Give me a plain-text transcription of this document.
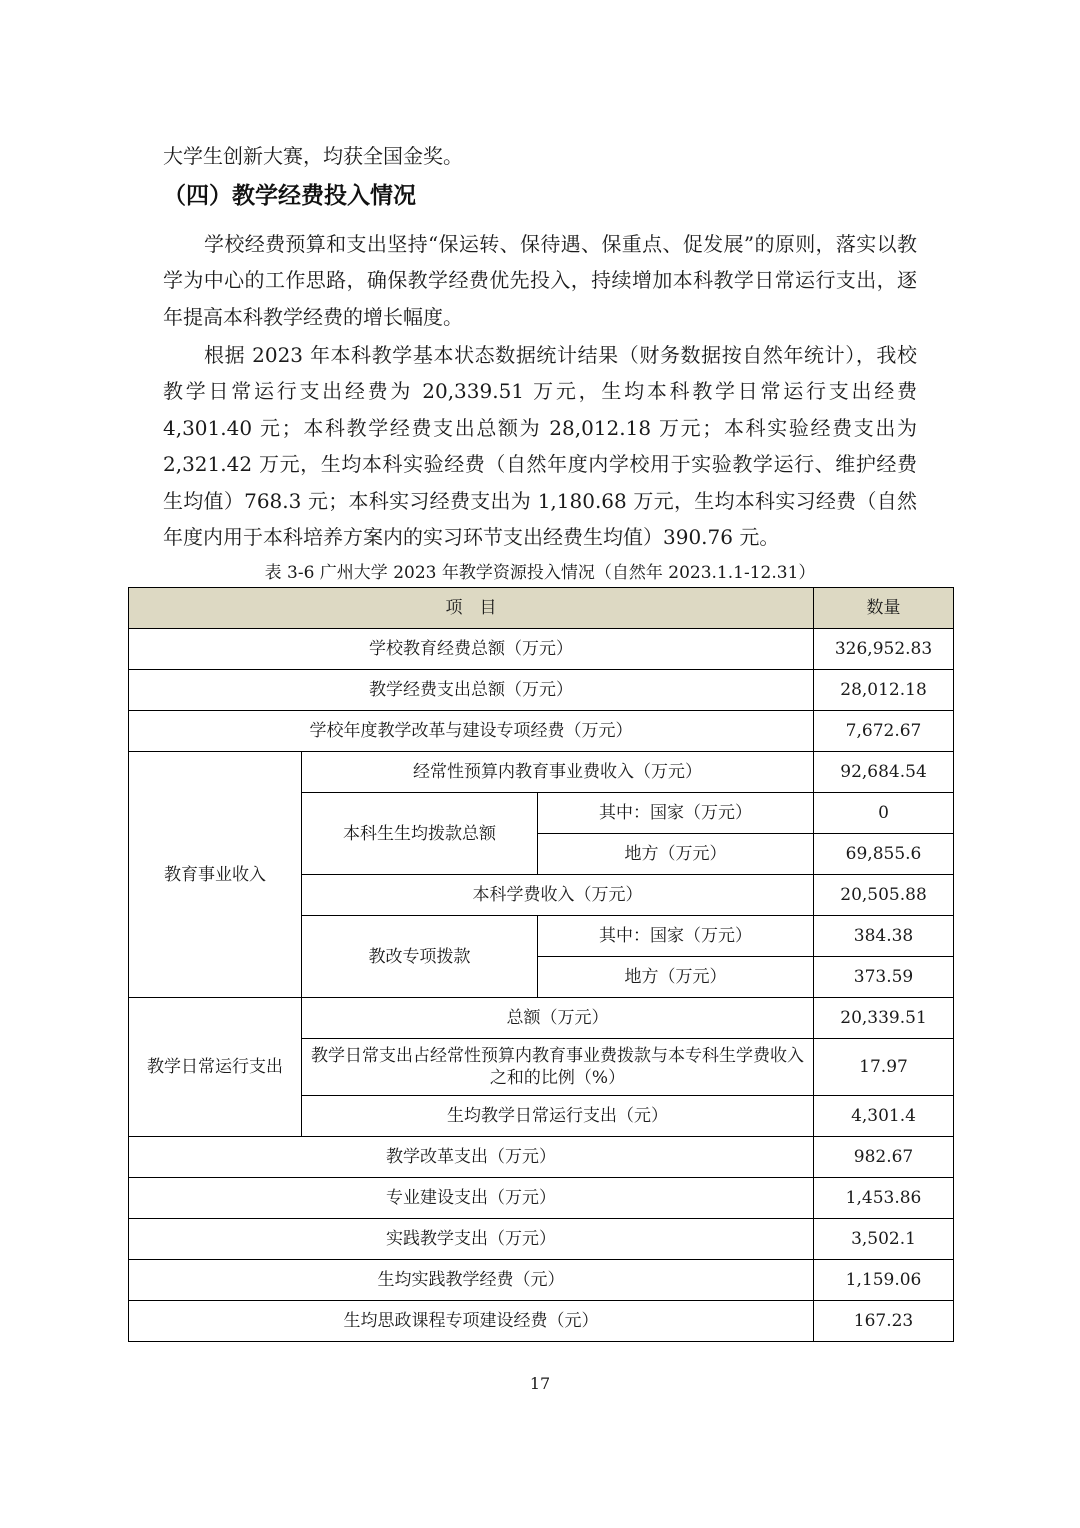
大学生创新大赛，均获全国金奖。

（四）教学经费投入情况

学校经费预算和支出坚持“保运转、保待遇、保重点、促发展”的原则，落实以教学为中心的工作思路，确保教学经费优先投入，持续增加本科教学日常运行支出，逐年提高本科教学经费的增长幅度。

根据 2023 年本科教学基本状态数据统计结果（财务数据按自然年统计），我校教学日常运行支出经费为 20,339.51 万元，生均本科教学日常运行支出经费 4,301.40 元；本科教学经费支出总额为 28,012.18 万元；本科实验经费支出为 2,321.42 万元，生均本科实验经费（自然年度内学校用于实验教学运行、维护经费生均值）768.3 元；本科实习经费支出为 1,180.68 万元，生均本科实习经费（自然年度内用于本科培养方案内的实习环节支出经费生均值）390.76 元。

表 3-6 广州大学 2023 年教学资源投入情况（自然年 2023.1.1-12.31）

项　目			数量
学校教育经费总额（万元）			326,952.83
教学经费支出总额（万元）			28,012.18
学校年度教学改革与建设专项经费（万元）			7,672.67
教育事业收入	经常性预算内教育事业费收入（万元）		92,684.54
	本科生生均拨款总额	其中：国家（万元）	0
		地方（万元）	69,855.6
	本科学费收入（万元）		20,505.88
	教改专项拨款	其中：国家（万元）	384.38
		地方（万元）	373.59
教学日常运行支出	总额（万元）		20,339.51
	教学日常支出占经常性预算内教育事业费拨款与本专科生学费收入之和的比例（%）		17.97
	生均教学日常运行支出（元）		4,301.4
教学改革支出（万元）			982.67
专业建设支出（万元）			1,453.86
实践教学支出（万元）			3,502.1
生均实践教学经费（元）			1,159.06
生均思政课程专项建设经费（元）			167.23

17
